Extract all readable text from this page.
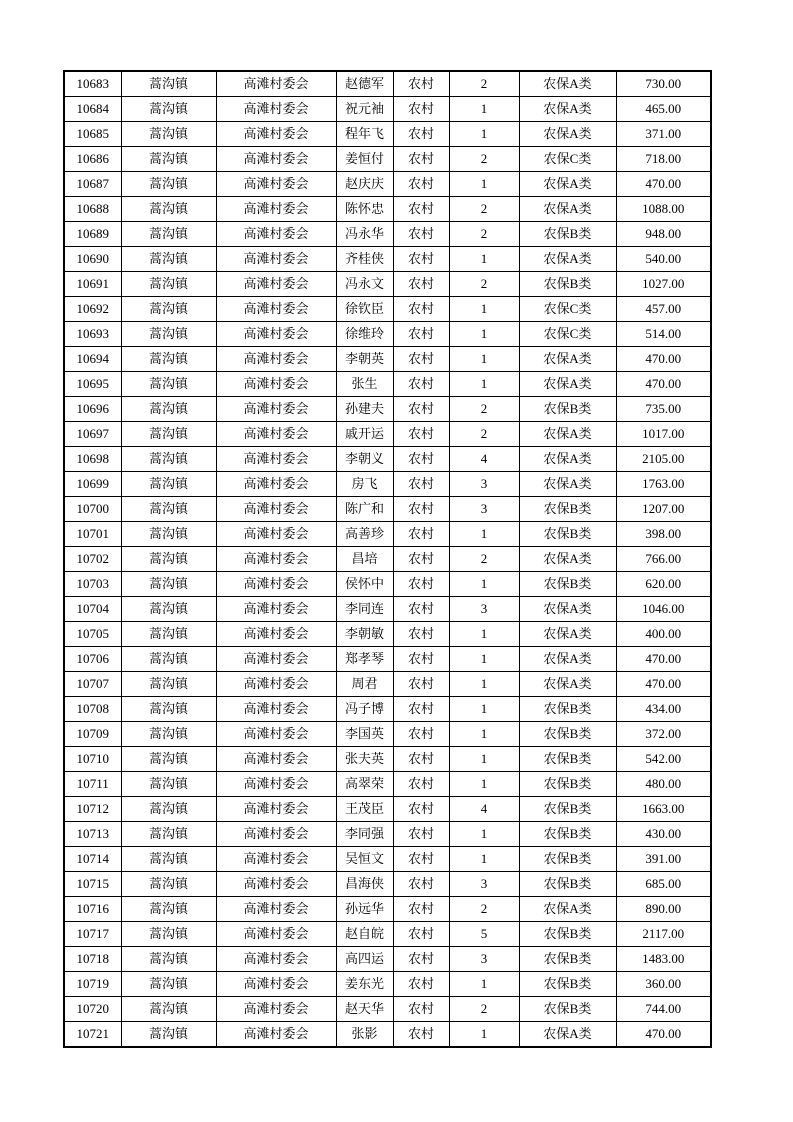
10683	蒿沟镇	高滩村委会	赵德军	农村	2	农保A类	730.00
10684	蒿沟镇	高滩村委会	祝元袖	农村	1	农保A类	465.00
10685	蒿沟镇	高滩村委会	程年飞	农村	1	农保A类	371.00
10686	蒿沟镇	高滩村委会	姜恒付	农村	2	农保C类	718.00
10687	蒿沟镇	高滩村委会	赵庆庆	农村	1	农保A类	470.00
10688	蒿沟镇	高滩村委会	陈怀忠	农村	2	农保A类	1088.00
10689	蒿沟镇	高滩村委会	冯永华	农村	2	农保B类	948.00
10690	蒿沟镇	高滩村委会	齐桂侠	农村	1	农保A类	540.00
10691	蒿沟镇	高滩村委会	冯永文	农村	2	农保B类	1027.00
10692	蒿沟镇	高滩村委会	徐钦臣	农村	1	农保C类	457.00
10693	蒿沟镇	高滩村委会	徐维玲	农村	1	农保C类	514.00
10694	蒿沟镇	高滩村委会	李朝英	农村	1	农保A类	470.00
10695	蒿沟镇	高滩村委会	张生	农村	1	农保A类	470.00
10696	蒿沟镇	高滩村委会	孙建夫	农村	2	农保B类	735.00
10697	蒿沟镇	高滩村委会	戚开运	农村	2	农保A类	1017.00
10698	蒿沟镇	高滩村委会	李朝义	农村	4	农保A类	2105.00
10699	蒿沟镇	高滩村委会	房飞	农村	3	农保A类	1763.00
10700	蒿沟镇	高滩村委会	陈广和	农村	3	农保B类	1207.00
10701	蒿沟镇	高滩村委会	高善珍	农村	1	农保B类	398.00
10702	蒿沟镇	高滩村委会	昌培	农村	2	农保A类	766.00
10703	蒿沟镇	高滩村委会	侯怀中	农村	1	农保B类	620.00
10704	蒿沟镇	高滩村委会	李同连	农村	3	农保A类	1046.00
10705	蒿沟镇	高滩村委会	李朝敏	农村	1	农保A类	400.00
10706	蒿沟镇	高滩村委会	郑孝琴	农村	1	农保A类	470.00
10707	蒿沟镇	高滩村委会	周君	农村	1	农保A类	470.00
10708	蒿沟镇	高滩村委会	冯子博	农村	1	农保B类	434.00
10709	蒿沟镇	高滩村委会	李国英	农村	1	农保B类	372.00
10710	蒿沟镇	高滩村委会	张夫英	农村	1	农保B类	542.00
10711	蒿沟镇	高滩村委会	高翠荣	农村	1	农保B类	480.00
10712	蒿沟镇	高滩村委会	王茂臣	农村	4	农保B类	1663.00
10713	蒿沟镇	高滩村委会	李同强	农村	1	农保B类	430.00
10714	蒿沟镇	高滩村委会	吴恒文	农村	1	农保B类	391.00
10715	蒿沟镇	高滩村委会	昌海侠	农村	3	农保B类	685.00
10716	蒿沟镇	高滩村委会	孙远华	农村	2	农保A类	890.00
10717	蒿沟镇	高滩村委会	赵自皖	农村	5	农保B类	2117.00
10718	蒿沟镇	高滩村委会	高四运	农村	3	农保B类	1483.00
10719	蒿沟镇	高滩村委会	姜东光	农村	1	农保B类	360.00
10720	蒿沟镇	高滩村委会	赵天华	农村	2	农保B类	744.00
10721	蒿沟镇	高滩村委会	张影	农村	1	农保A类	470.00
